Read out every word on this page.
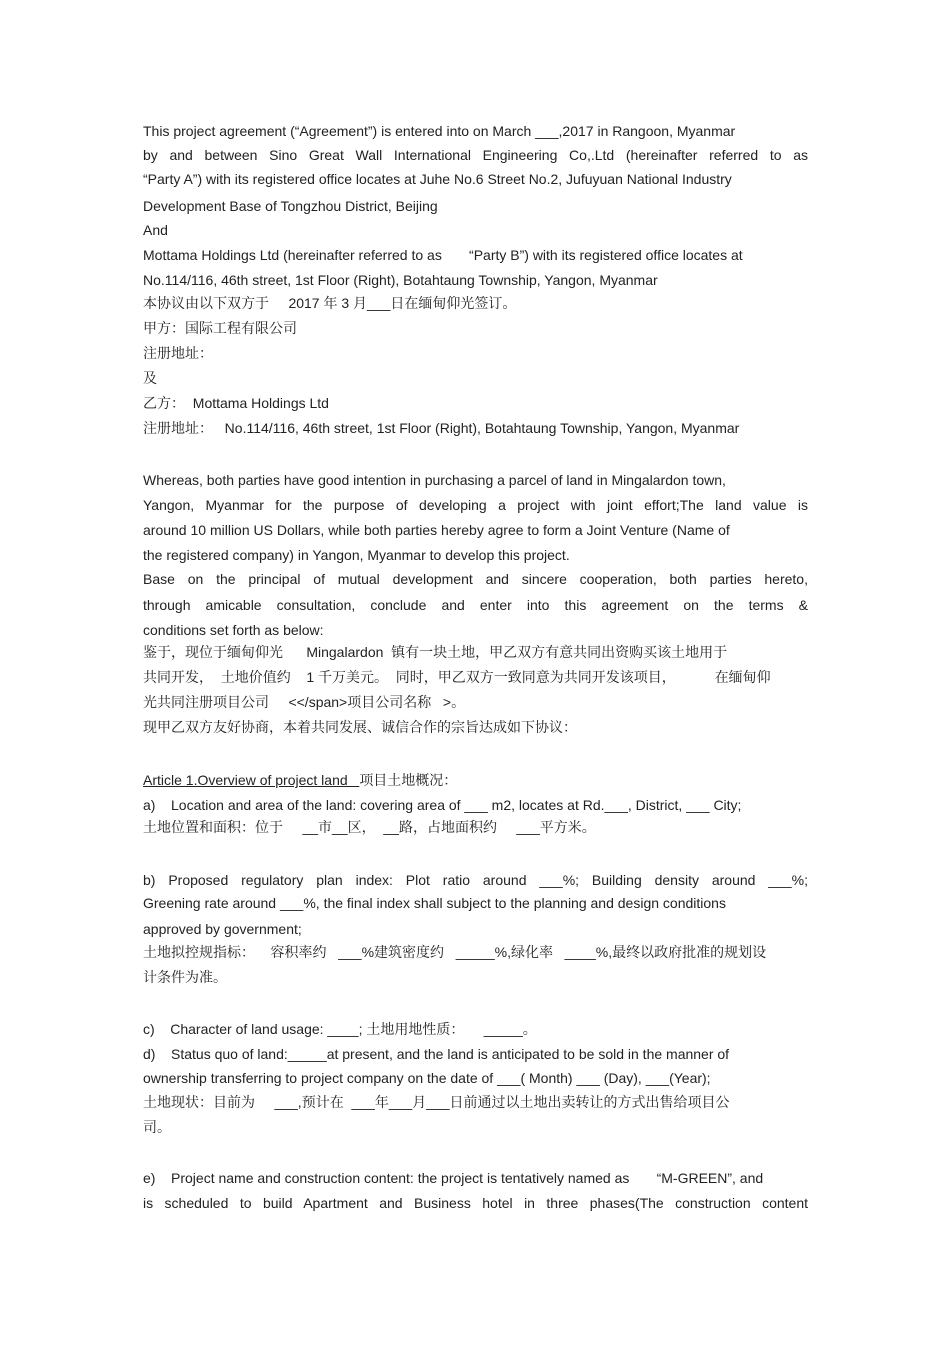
This project agreement (“Agreement”) is entered into on March ___,2017 in Rangoon, Myanmar
by and between Sino Great Wall International Engineering Co,.Ltd (hereinafter referred to as
“Party A”) with its registered office locates at Juhe No.6 Street No.2, Jufuyuan National Industry
Development Base of Tongzhou District, Beijing
And
Mottama Holdings Ltd (hereinafter referred to as       “Party B”) with its registered office locates at
No.114/116, 46th street, 1st Floor (Right), Botahtaung Township, Yangon, Myanmar
本协议由以下双方于     2017 年 3 月___日在缅甸仰光签订。
甲方：国际工程有限公司
注册地址：
及
乙方：  Mottama Holdings Ltd
注册地址：   No.114/116, 46th street, 1st Floor (Right), Botahtaung Township, Yangon, Myanmar
Whereas, both parties have good intention in purchasing a parcel of land in Mingalardon town,
Yangon, Myanmar for the purpose of developing a project with joint effort;The land value is
around 10 million US Dollars, while both parties hereby agree to form a Joint Venture (Name of
the registered company) in Yangon, Myanmar to develop this project.
Base on the principal of mutual development and sincere cooperation, both parties hereto,
through amicable consultation, conclude and enter into this agreement on the terms &
conditions set forth as below:
鉴于，现位于缅甸仰光      Mingalardon  镇有一块土地，甲乙双方有意共同出资购买该土地用于
共同开发，  土地价值约    1 千万美元。  同时，甲乙双方一致同意为共同开发该项目，          在缅甸仰
光共同注册项目公司     <</span>项目公司名称   >。
现甲乙双方友好协商，本着共同发展、诚信合作的宗旨达成如下协议：
Article 1.Overview of project land   项目土地概况：
a)    Location and area of the land: covering area of ___ m2, locates at Rd.___, District, ___ City;
土地位置和面积：位于     __市__区，  __路，占地面积约     ___平方米。
b) Proposed regulatory plan index: Plot ratio around ___%; Building density around ___%;
Greening rate around ___%, the final index shall subject to the planning and design conditions
approved by government;
土地拟控规指标：    容积率约   ___%建筑密度约   _____%,绿化率   ____%,最终以政府批准的规划设
计条件为准。
c)    Character of land usage: ____; 土地用地性质：     _____。
d)    Status quo of land:_____at present, and the land is anticipated to be sold in the manner of
ownership transferring to project company on the date of ___( Month) ___ (Day), ___(Year);
土地现状：目前为     ___,预计在  ___年___月___日前通过以土地出卖转让的方式出售给项目公
司。
e)    Project name and construction content: the project is tentatively named as       “M-GREEN”, and
is scheduled to build Apartment and Business hotel in three phases(The construction content
